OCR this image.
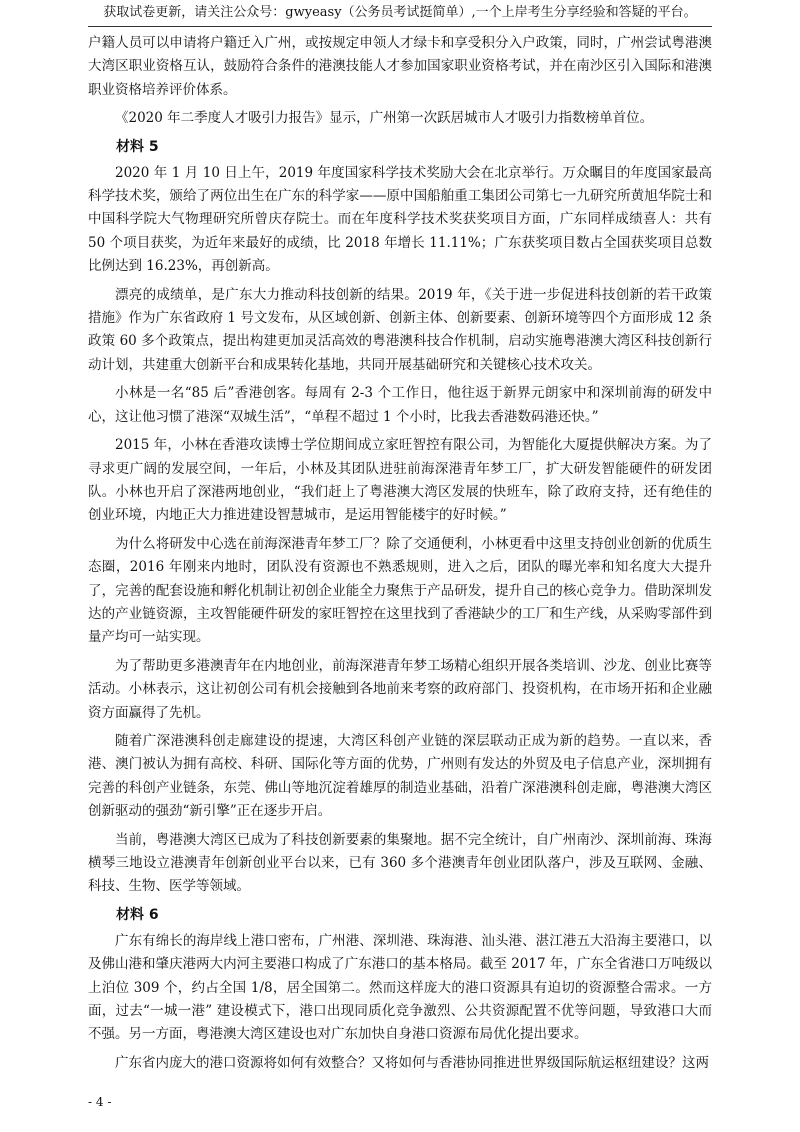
获取试卷更新，请关注公众号：gwyeasy（公务员考试挺简单）,一个上岸考生分享经验和答疑的平台。

户籍人员可以申请将户籍迁入广州，或按规定申领人才绿卡和享受积分入户政策，同时，广州尝试粤港澳大湾区职业资格互认，鼓励符合条件的港澳技能人才参加国家职业资格考试，并在南沙区引入国际和港澳职业资格培养评价体系。

《2020 年二季度人才吸引力报告》显示，广州第一次跃居城市人才吸引力指数榜单首位。

材料 5

2020 年 1 月 10 日上午，2019 年度国家科学技术奖励大会在北京举行。万众瞩目的年度国家最高科学技术奖，颁给了两位出生在广东的科学家——原中国船舶重工集团公司第七一九研究所黄旭华院士和中国科学院大气物理研究所曾庆存院士。而在年度科学技术奖获奖项目方面，广东同样成绩喜人：共有 50 个项目获奖，为近年来最好的成绩，比 2018 年增长 11.11%；广东获奖项目数占全国获奖项目总数比例达到 16.23%，再创新高。

漂亮的成绩单，是广东大力推动科技创新的结果。2019 年，《关于进一步促进科技创新的若干政策措施》作为广东省政府 1 号文发布，从区域创新、创新主体、创新要素、创新环境等四个方面形成 12 条政策 60 多个政策点，提出构建更加灵活高效的粤港澳科技合作机制，启动实施粤港澳大湾区科技创新行动计划，共建重大创新平台和成果转化基地，共同开展基础研究和关键核心技术攻关。

小林是一名“85 后”香港创客。每周有 2-3 个工作日，他往返于新界元朗家中和深圳前海的研发中心，这让他习惯了港深“双城生活”，“单程不超过 1 个小时，比我去香港数码港还快。”

2015 年，小林在香港攻读博士学位期间成立家旺智控有限公司，为智能化大厦提供解决方案。为了寻求更广阔的发展空间，一年后，小林及其团队进驻前海深港青年梦工厂，扩大研发智能硬件的研发团队。小林也开启了深港两地创业，“我们赶上了粤港澳大湾区发展的快班车，除了政府支持，还有绝佳的创业环境，内地正大力推进建设智慧城市，是运用智能楼宇的好时候。”

为什么将研发中心选在前海深港青年梦工厂？除了交通便利，小林更看中这里支持创业创新的优质生态圈，2016 年刚来内地时，团队没有资源也不熟悉规则，进入之后，团队的曝光率和知名度大大提升了，完善的配套设施和孵化机制让初创企业能全力聚焦于产品研发，提升自己的核心竞争力。借助深圳发达的产业链资源，主攻智能硬件研发的家旺智控在这里找到了香港缺少的工厂和生产线，从采购零部件到量产均可一站实现。

为了帮助更多港澳青年在内地创业，前海深港青年梦工场精心组织开展各类培训、沙龙、创业比赛等活动。小林表示，这让初创公司有机会接触到各地前来考察的政府部门、投资机构，在市场开拓和企业融资方面赢得了先机。

随着广深港澳科创走廊建设的提速，大湾区科创产业链的深层联动正成为新的趋势。一直以来，香港、澳门被认为拥有高校、科研、国际化等方面的优势，广州则有发达的外贸及电子信息产业，深圳拥有完善的科创产业链条，东莞、佛山等地沉淀着雄厚的制造业基础，沿着广深港澳科创走廊，粤港澳大湾区创新驱动的强劲“新引擎”正在逐步开启。

当前，粤港澳大湾区已成为了科技创新要素的集聚地。据不完全统计，自广州南沙、深圳前海、珠海横琴三地设立港澳青年创新创业平台以来，已有 360 多个港澳青年创业团队落户，涉及互联网、金融、科技、生物、医学等领域。

材料 6

广东有绵长的海岸线上港口密布，广州港、深圳港、珠海港、汕头港、湛江港五大沿海主要港口，以及佛山港和肇庆港两大内河主要港口构成了广东港口的基本格局。截至 2017 年，广东全省港口万吨级以上泊位 309 个，约占全国 1/8，居全国第二。然而这样庞大的港口资源具有迫切的资源整合需求。一方面，过去“一城一港” 建设模式下，港口出现同质化竞争激烈、公共资源配置不优等问题，导致港口大而不强。另一方面，粤港澳大湾区建设也对广东加快自身港口资源布局优化提出要求。

广东省内庞大的港口资源将如何有效整合？又将如何与香港协同推进世界级国际航运枢纽建设？这两

- 4 -
